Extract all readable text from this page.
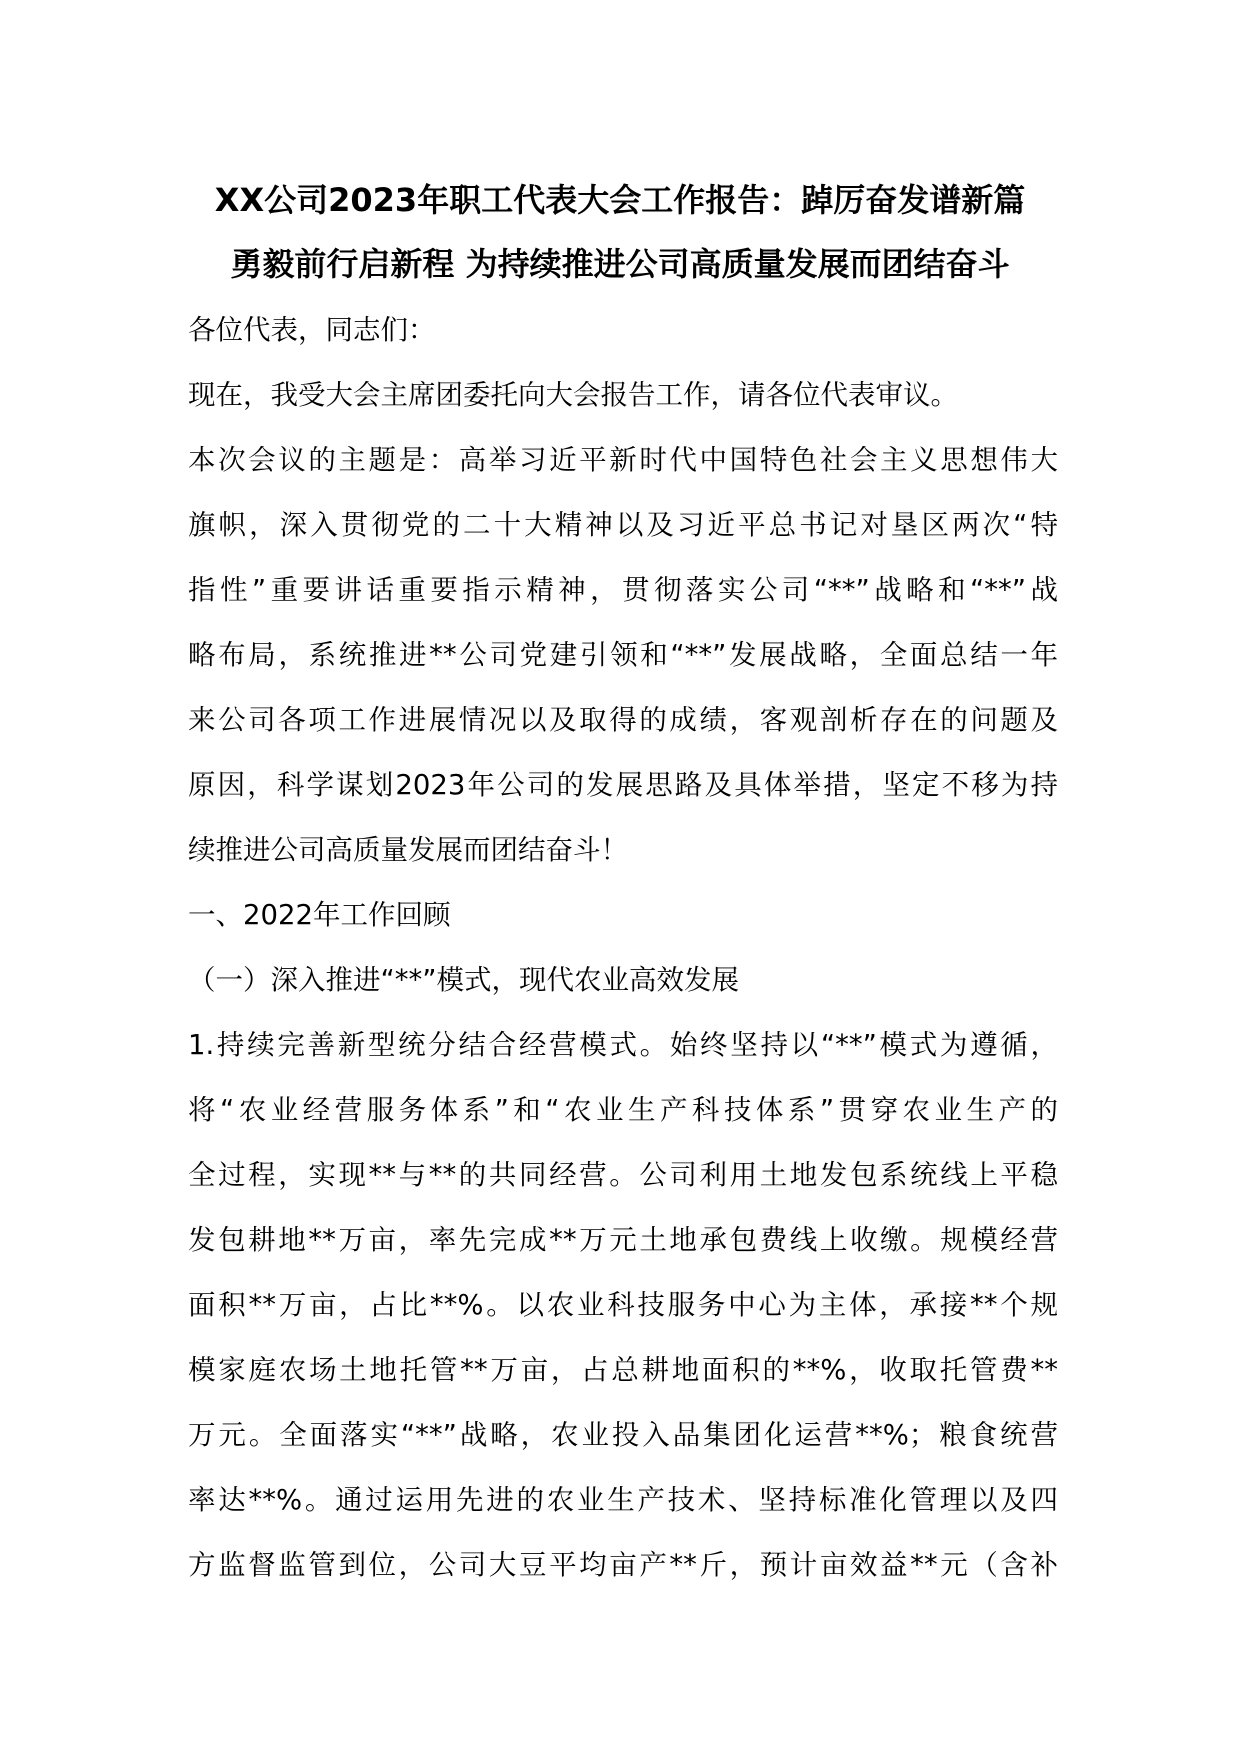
XX公司2023年职工代表大会工作报告：踔厉奋发谱新篇
勇毅前行启新程 为持续推进公司高质量发展而团结奋斗
各位代表，同志们：
现在，我受大会主席团委托向大会报告工作，请各位代表审议。
本次会议的主题是：高举习近平新时代中国特色社会主义思想伟大
旗帜，深入贯彻党的二十大精神以及习近平总书记对垦区两次“特
指性”重要讲话重要指示精神，贯彻落实公司“**”战略和“**”战
略布局，系统推进**公司党建引领和“**”发展战略，全面总结一年
来公司各项工作进展情况以及取得的成绩，客观剖析存在的问题及
原因，科学谋划2023年公司的发展思路及具体举措，坚定不移为持
续推进公司高质量发展而团结奋斗！
一、2022年工作回顾
（一）深入推进“**”模式，现代农业高效发展
1.持续完善新型统分结合经营模式。始终坚持以“**”模式为遵循，
将“农业经营服务体系”和“农业生产科技体系”贯穿农业生产的
全过程，实现**与**的共同经营。公司利用土地发包系统线上平稳
发包耕地**万亩，率先完成**万元土地承包费线上收缴。规模经营
面积**万亩，占比**%。以农业科技服务中心为主体，承接**个规
模家庭农场土地托管**万亩，占总耕地面积的**%，收取托管费**
万元。全面落实“**”战略，农业投入品集团化运营**%；粮食统营
率达**%。通过运用先进的农业生产技术、坚持标准化管理以及四
方监督监管到位，公司大豆平均亩产**斤，预计亩效益**元（含补
